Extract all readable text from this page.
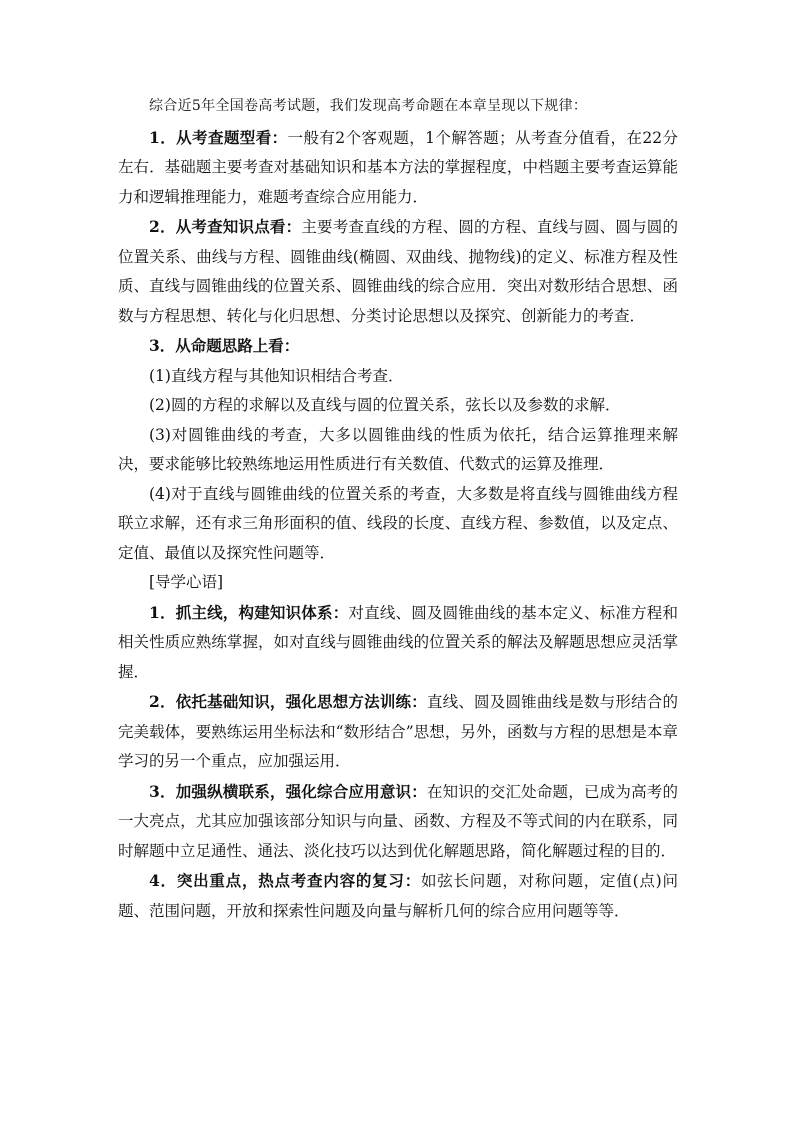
综合近5年全国卷高考试题，我们发现高考命题在本章呈现以下规律：

1．从考查题型看：一般有2个客观题，1个解答题；从考查分值看，在22分左右．基础题主要考查对基础知识和基本方法的掌握程度，中档题主要考查运算能力和逻辑推理能力，难题考查综合应用能力．

2．从考查知识点看：主要考查直线的方程、圆的方程、直线与圆、圆与圆的位置关系、曲线与方程、圆锥曲线(椭圆、双曲线、抛物线)的定义、标准方程及性质、直线与圆锥曲线的位置关系、圆锥曲线的综合应用．突出对数形结合思想、函数与方程思想、转化与化归思想、分类讨论思想以及探究、创新能力的考查．

3．从命题思路上看：

(1)直线方程与其他知识相结合考查．

(2)圆的方程的求解以及直线与圆的位置关系，弦长以及参数的求解．

(3)对圆锥曲线的考查，大多以圆锥曲线的性质为依托，结合运算推理来解决，要求能够比较熟练地运用性质进行有关数值、代数式的运算及推理．

(4)对于直线与圆锥曲线的位置关系的考查，大多数是将直线与圆锥曲线方程联立求解，还有求三角形面积的值、线段的长度、直线方程、参数值，以及定点、定值、最值以及探究性问题等．

[导学心语]

1．抓主线，构建知识体系：对直线、圆及圆锥曲线的基本定义、标准方程和相关性质应熟练掌握，如对直线与圆锥曲线的位置关系的解法及解题思想应灵活掌握．

2．依托基础知识，强化思想方法训练：直线、圆及圆锥曲线是数与形结合的完美载体，要熟练运用坐标法和“数形结合”思想，另外，函数与方程的思想是本章学习的另一个重点，应加强运用．

3．加强纵横联系，强化综合应用意识：在知识的交汇处命题，已成为高考的一大亮点，尤其应加强该部分知识与向量、函数、方程及不等式间的内在联系，同时解题中立足通性、通法、淡化技巧以达到优化解题思路，简化解题过程的目的．

4．突出重点，热点考查内容的复习：如弦长问题，对称问题，定值(点)问题、范围问题，开放和探索性问题及向量与解析几何的综合应用问题等等．
